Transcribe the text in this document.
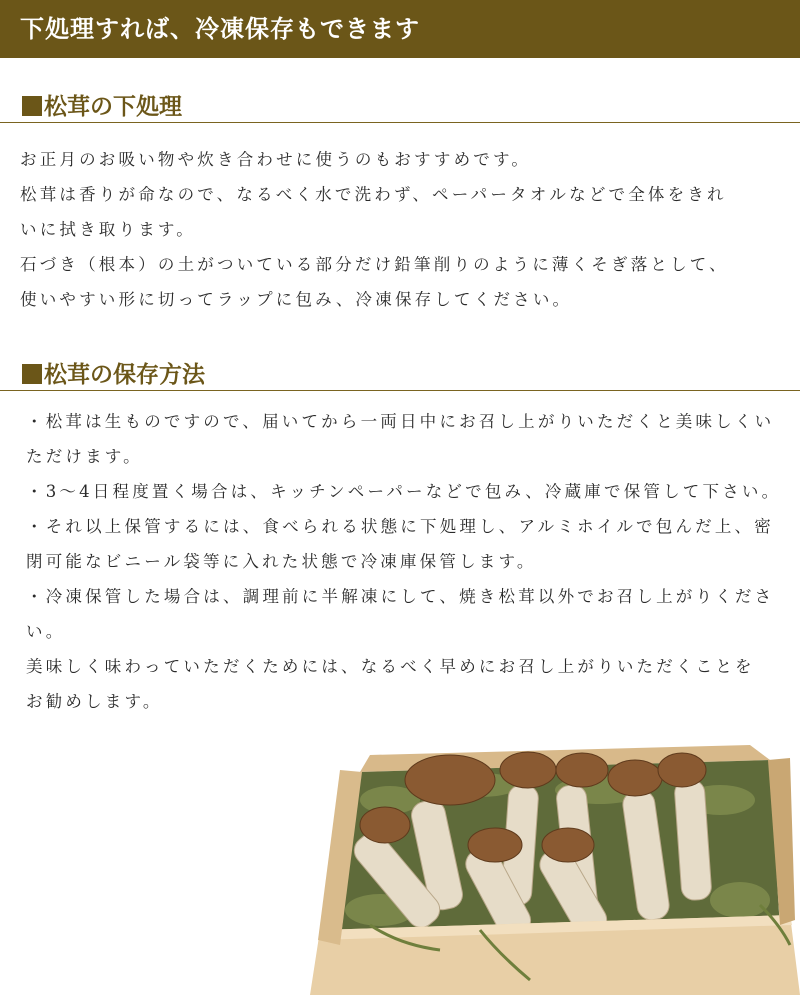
下処理すれば、冷凍保存もできます
松茸の下処理

お正月のお吸い物や炊き合わせに使うのもおすすめです。

松茸は香りが命なので、なるべく水で洗わず、ペーパータオルなどで全体をきれ

いに拭き取ります。

石づき（根本）の土がついている部分だけ鉛筆削りのように薄くそぎ落として、

使いやすい形に切ってラップに包み、冷凍保存してください。

松茸の保存方法

・松茸は生ものですので、届いてから一両日中にお召し上がりいただくと美味しくい

ただけます。

・3～4日程度置く場合は、キッチンペーパーなどで包み、冷蔵庫で保管して下さい。

・それ以上保管するには、食べられる状態に下処理し、アルミホイルで包んだ上、密

閉可能なビニール袋等に入れた状態で冷凍庫保管します。

・冷凍保管した場合は、調理前に半解凍にして、焼き松茸以外でお召し上がりくださ

い。

美味しく味わっていただくためには、なるべく早めにお召し上がりいただくことを

お勧めします。
